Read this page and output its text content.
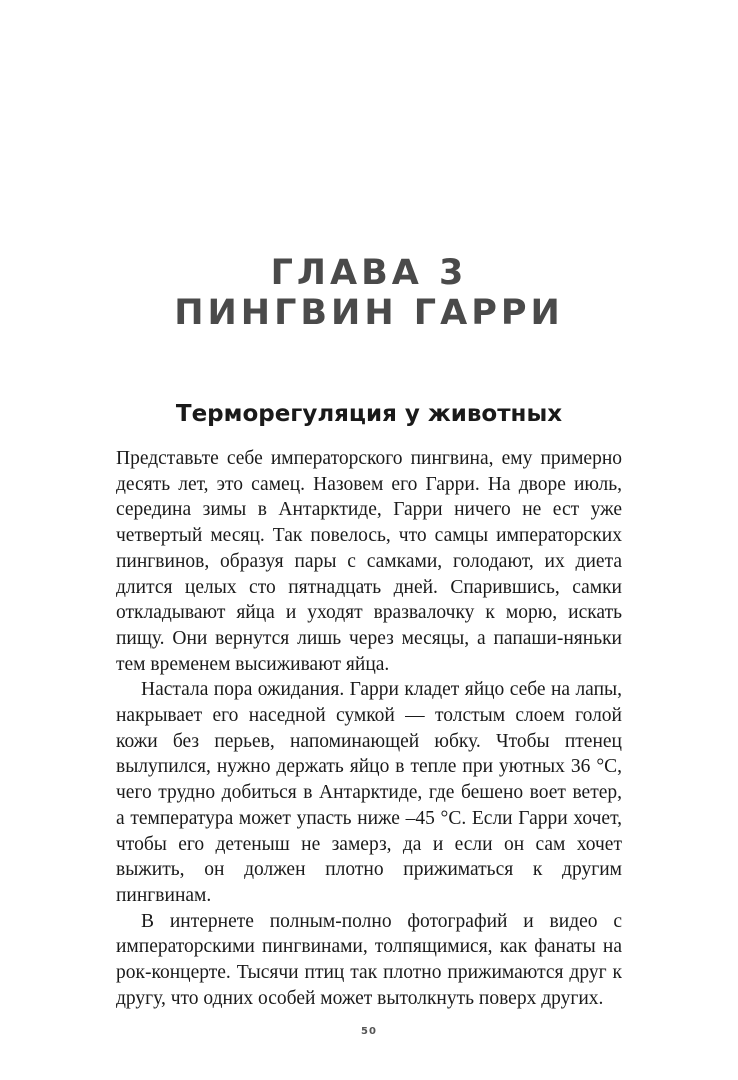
ГЛАВА 3
ПИНГВИН ГАРРИ
Терморегуляция у животных

Представьте себе императорского пингвина, ему примерно десять лет, это самец. Назовем его Гарри. На дворе июль, середина зимы в Антарктиде, Гарри ничего не ест уже четвертый месяц. Так повелось, что самцы императорских пингвинов, образуя пары с самками, голодают, их диета длится целых сто пятнадцать дней. Спарившись, самки откладывают яйца и уходят вразвалочку к морю, искать пищу. Они вернутся лишь через месяцы, а папаши-няньки тем временем высиживают яйца.

Настала пора ожидания. Гарри кладет яйцо себе на лапы, накрывает его наседной сумкой — толстым слоем голой кожи без перьев, напоминающей юбку. Чтобы птенец вылупился, нужно держать яйцо в тепле при уютных 36 °C, чего трудно добиться в Антарктиде, где бешено воет ветер, а температура может упасть ниже –45 °C. Если Гарри хочет, чтобы его детеныш не замерз, да и если он сам хочет выжить, он должен плотно прижиматься к другим пингвинам.

В интернете полным-полно фотографий и видео с императорскими пингвинами, толпящимися, как фанаты на рок-концерте. Тысячи птиц так плотно прижимаются друг к другу, что одних особей может вытолкнуть поверх других.

50
